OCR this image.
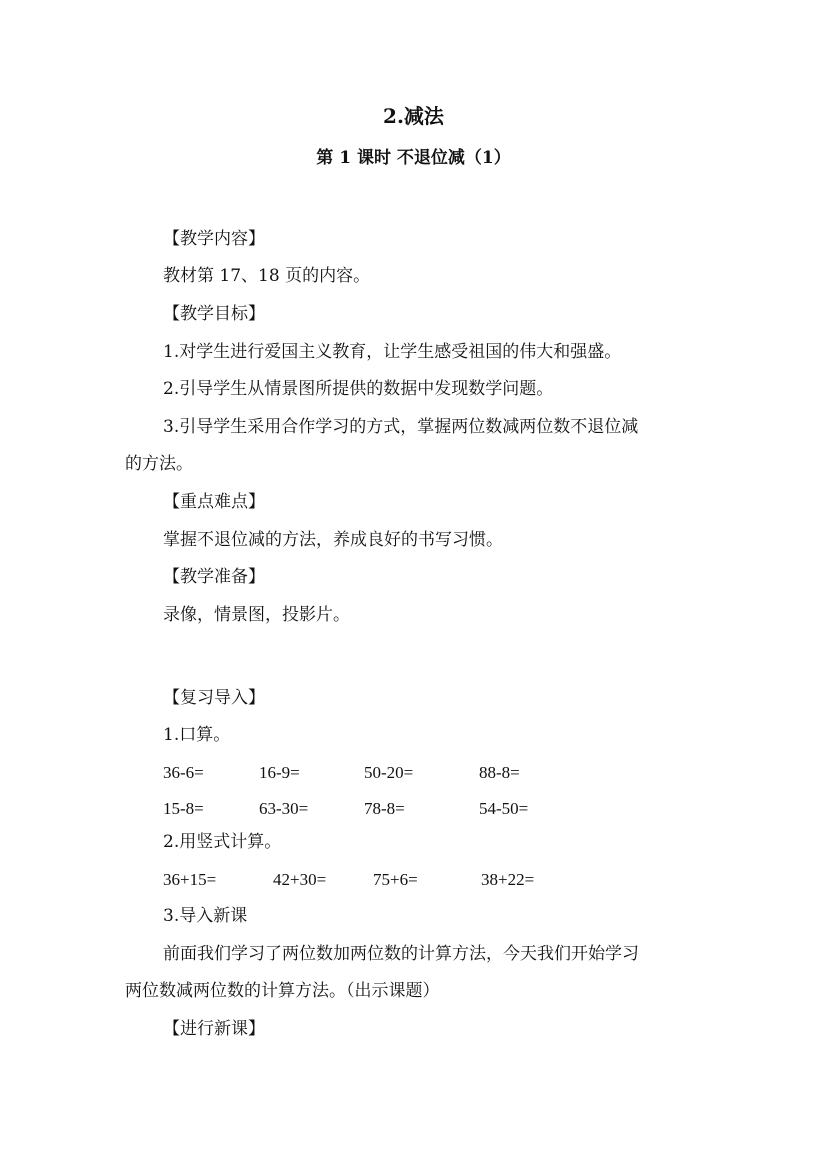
2.减法
第 1 课时 不退位减（1）
【教学内容】
教材第 17、18 页的内容。
【教学目标】
1.对学生进行爱国主义教育，让学生感受祖国的伟大和强盛。
2.引导学生从情景图所提供的数据中发现数学问题。
3.引导学生采用合作学习的方式，掌握两位数减两位数不退位减
的方法。
【重点难点】
掌握不退位减的方法，养成良好的书写习惯。
【教学准备】
录像，情景图，投影片。
【复习导入】
1.口算。
36-6=	16-9=	50-20=	88-8=
15-8=	63-30=	78-8=	54-50=
2.用竖式计算。
36+15=	42+30=	75+6=	38+22=
3.导入新课
前面我们学习了两位数加两位数的计算方法，今天我们开始学习
两位数减两位数的计算方法。（出示课题）
【进行新课】
